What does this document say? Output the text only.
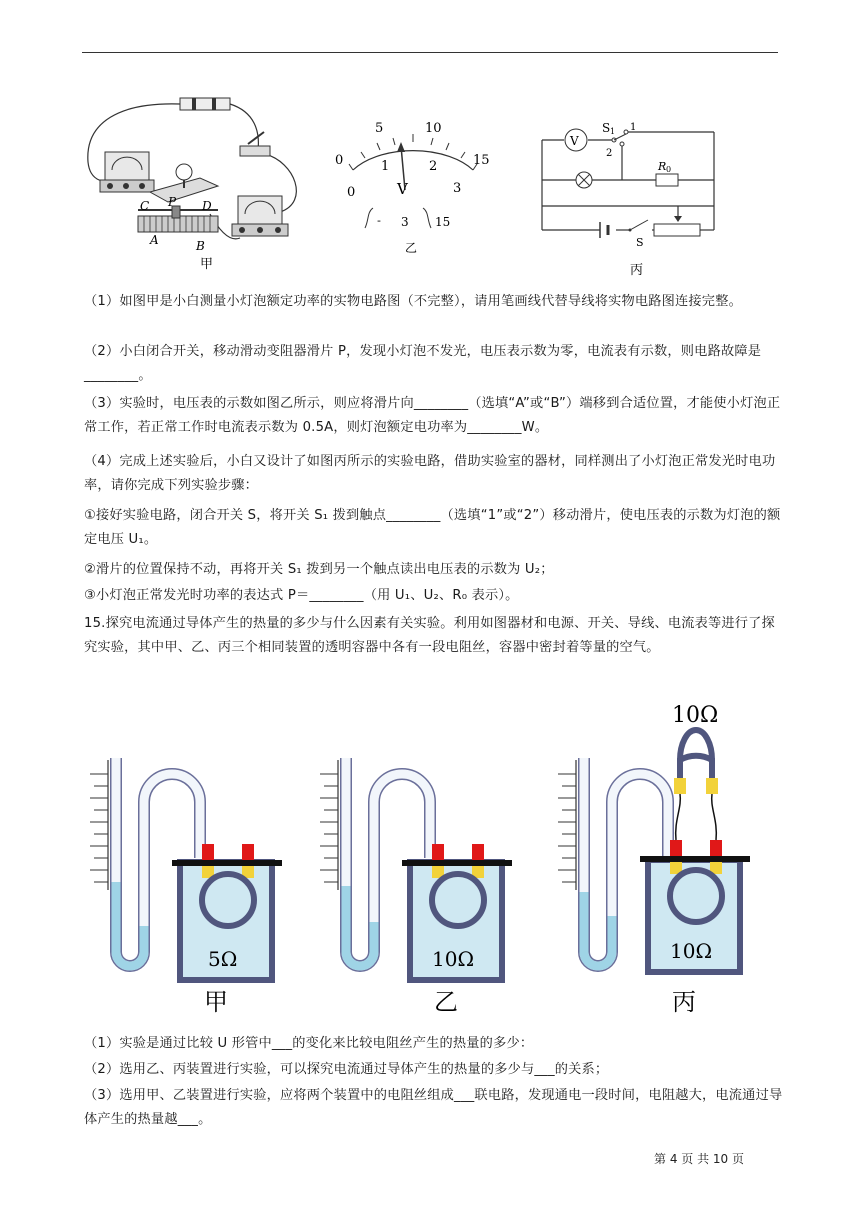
C P D
A	B
甲
0
5	10
15
0
1	2
3
V
- 3 15
乙
V
S 1 1
2
R 0
S
丙
（1）如图甲是小白测量小灯泡额定功率的实物电路图（不完整），请用笔画线代替导线将实物电路图连接完整。
（2）小白闭合开关，移动滑动变阻器滑片 P，发现小灯泡不发光，电压表示数为零，电流表有示数，则电路故障是________。
（3）实验时，电压表的示数如图乙所示，则应将滑片向________（选填“A”或“B”）端移到合适位置，才能使小灯泡正常工作，若正常工作时电流表示数为 0.5A，则灯泡额定电功率为________W。
（4）完成上述实验后，小白又设计了如图丙所示的实验电路，借助实验室的器材，同样测出了小灯泡正常发光时电功率，请你完成下列实验步骤：
①接好实验电路，闭合开关 S，将开关 S₁ 拨到触点________（选填“1”或“2”）移动滑片，使电压表的示数为灯泡的额定电压 U₁。
②滑片的位置保持不动，再将开关 S₁ 拨到另一个触点读出电压表的示数为 U₂；
③小灯泡正常发光时功率的表达式 P＝________（用 U₁、U₂、R₀ 表示）。
15.探究电流通过导体产生的热量的多少与什么因素有关实验。利用如图器材和电源、开关、导线、电流表等进行了探究实验，其中甲、乙、丙三个相同装置的透明容器中各有一段电阻丝，容器中密封着等量的空气。
5Ω
甲
10Ω
乙
10Ω
10Ω
丙
（1）实验是通过比较 U 形管中___的变化来比较电阻丝产生的热量的多少：
（2）选用乙、丙装置进行实验，可以探究电流通过导体产生的热量的多少与___的关系；
（3）选用甲、乙装置进行实验，应将两个装置中的电阻丝组成___联电路，发现通电一段时间，电阻越大，电流通过导体产生的热量越___。
第 4 页 共 10 页
